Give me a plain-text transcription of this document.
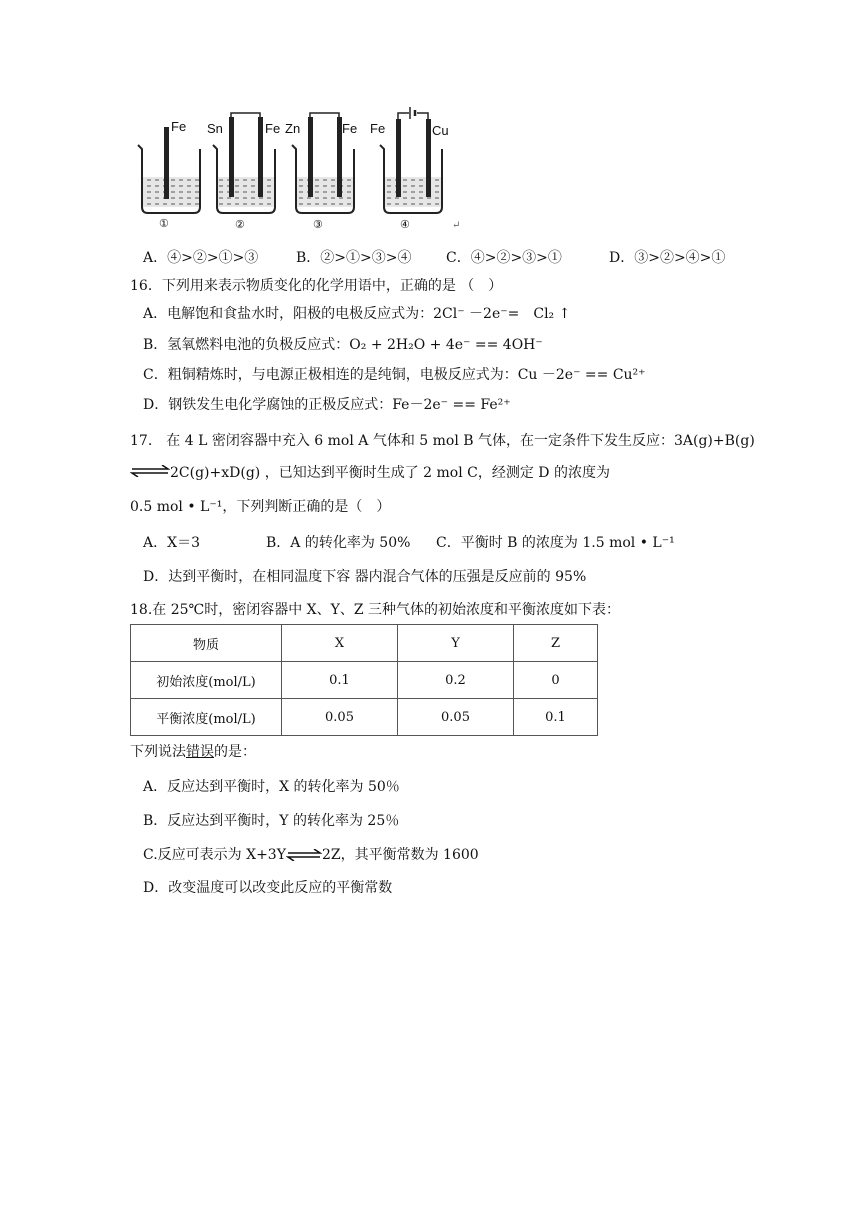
Fe Sn	Fe Zn	Fe Fe	Cu
①	②	③	④	↵
A．④>②>①>③	B．②>①>③>④ C．④>②>③>①	D．③>②>④>①
16．下列用来表示物质变化的化学用语中，正确的是 （　）
A．电解饱和食盐水时，阳极的电极反应式为：2Cl⁻ －2e⁻=　Cl₂ ↑
B．氢氧燃料电池的负极反应式：O₂ + 2H₂O + 4e⁻ == 4OH⁻
C．粗铜精炼时，与电源正极相连的是纯铜，电极反应式为：Cu －2e⁻ == Cu²⁺
D．钢铁发生电化学腐蚀的正极反应式：Fe－2e⁻ == Fe²⁺
17.　在 4 L 密闭容器中充入 6 mol A 气体和 5 mol B 气体，在一定条件下发生反应：3A(g)+B(g)
⇌ 2C(g)+xD(g) ，已知达到平衡时生成了 2 mol C，经测定 D 的浓度为
0.5 mol • L⁻¹，下列判断正确的是（　）
A．X＝3	B．A 的转化率为 50% C．平衡时 B 的浓度为 1.5 mol • L⁻¹
D．达到平衡时，在相同温度下容 器内混合气体的压强是反应前的 95%
18.在 25℃时，密闭容器中 X、Y、Z 三种气体的初始浓度和平衡浓度如下表：
物质	X	Y	Z
初始浓度(mol/L)	0.1	0.2	0
平衡浓度(mol/L)	0.05	0.05	0.1
下列说法错误的是：
A．反应达到平衡时，X 的转化率为 50％
B．反应达到平衡时，Y 的转化率为 25％
C.反应可表示为 X+3Y⇌2Z，其平衡常数为 1600
D．改变温度可以改变此反应的平衡常数
